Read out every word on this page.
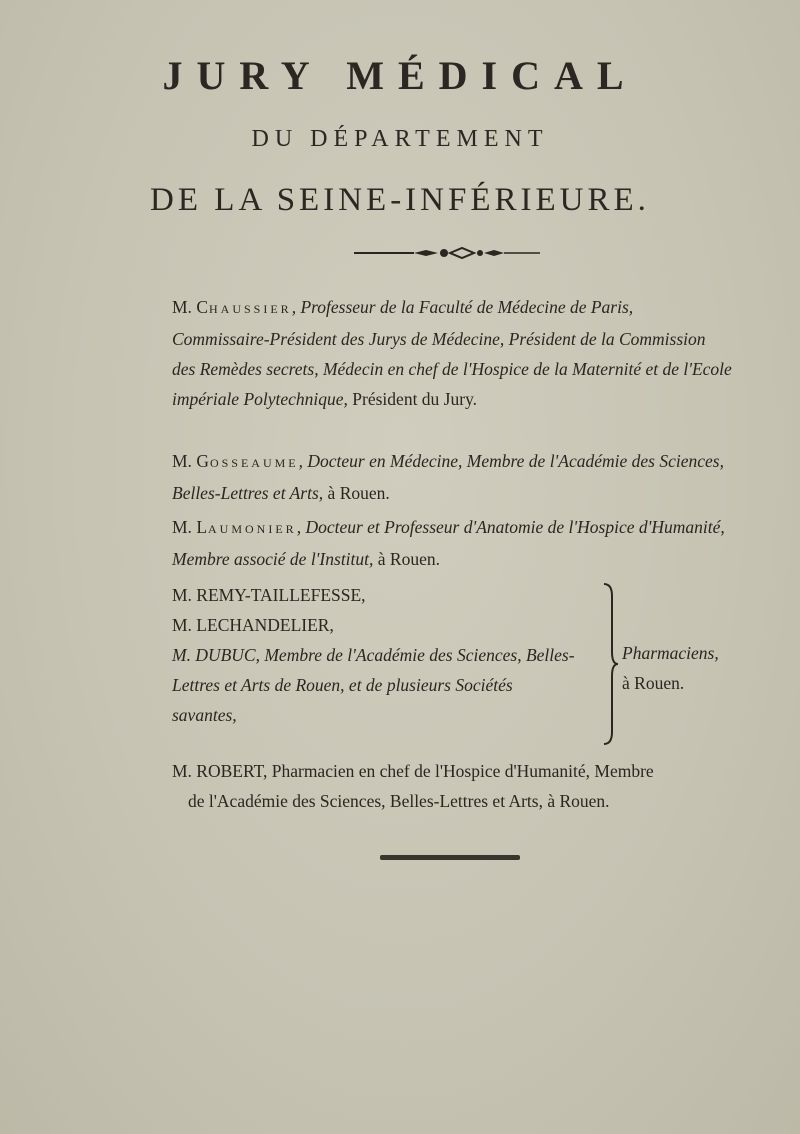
JURY MÉDICAL
DU DÉPARTEMENT
DE LA SEINE-INFÉRIEURE.
M. CHAUSSIER, Professeur de la Faculté de Médecine de Paris, Commissaire-Président des Jurys de Médecine, Président de la Commission des Remèdes secrets, Médecin en chef de l'Hospice de la Maternité et de l'Ecole impériale Polytechnique, Président du Jury.
M. GOSSEAUME, Docteur en Médecine, Membre de l'Académie des Sciences, Belles-Lettres et Arts, à Rouen.
M. LAUMONIER, Docteur et Professeur d'Anatomie de l'Hospice d'Humanité, Membre associé de l'Institut, à Rouen.
M. REMY-TAILLEFESSE,
M. LECHANDELIER,
M. DUBUC, Membre de l'Académie des Sciences, Belles-
Lettres et Arts de Rouen, et de plusieurs Sociétés
savantes,
Pharmaciens,
à Rouen.
M. ROBERT, Pharmacien en chef de l'Hospice d'Humanité, Membre
de l'Académie des Sciences, Belles-Lettres et Arts, à Rouen.
